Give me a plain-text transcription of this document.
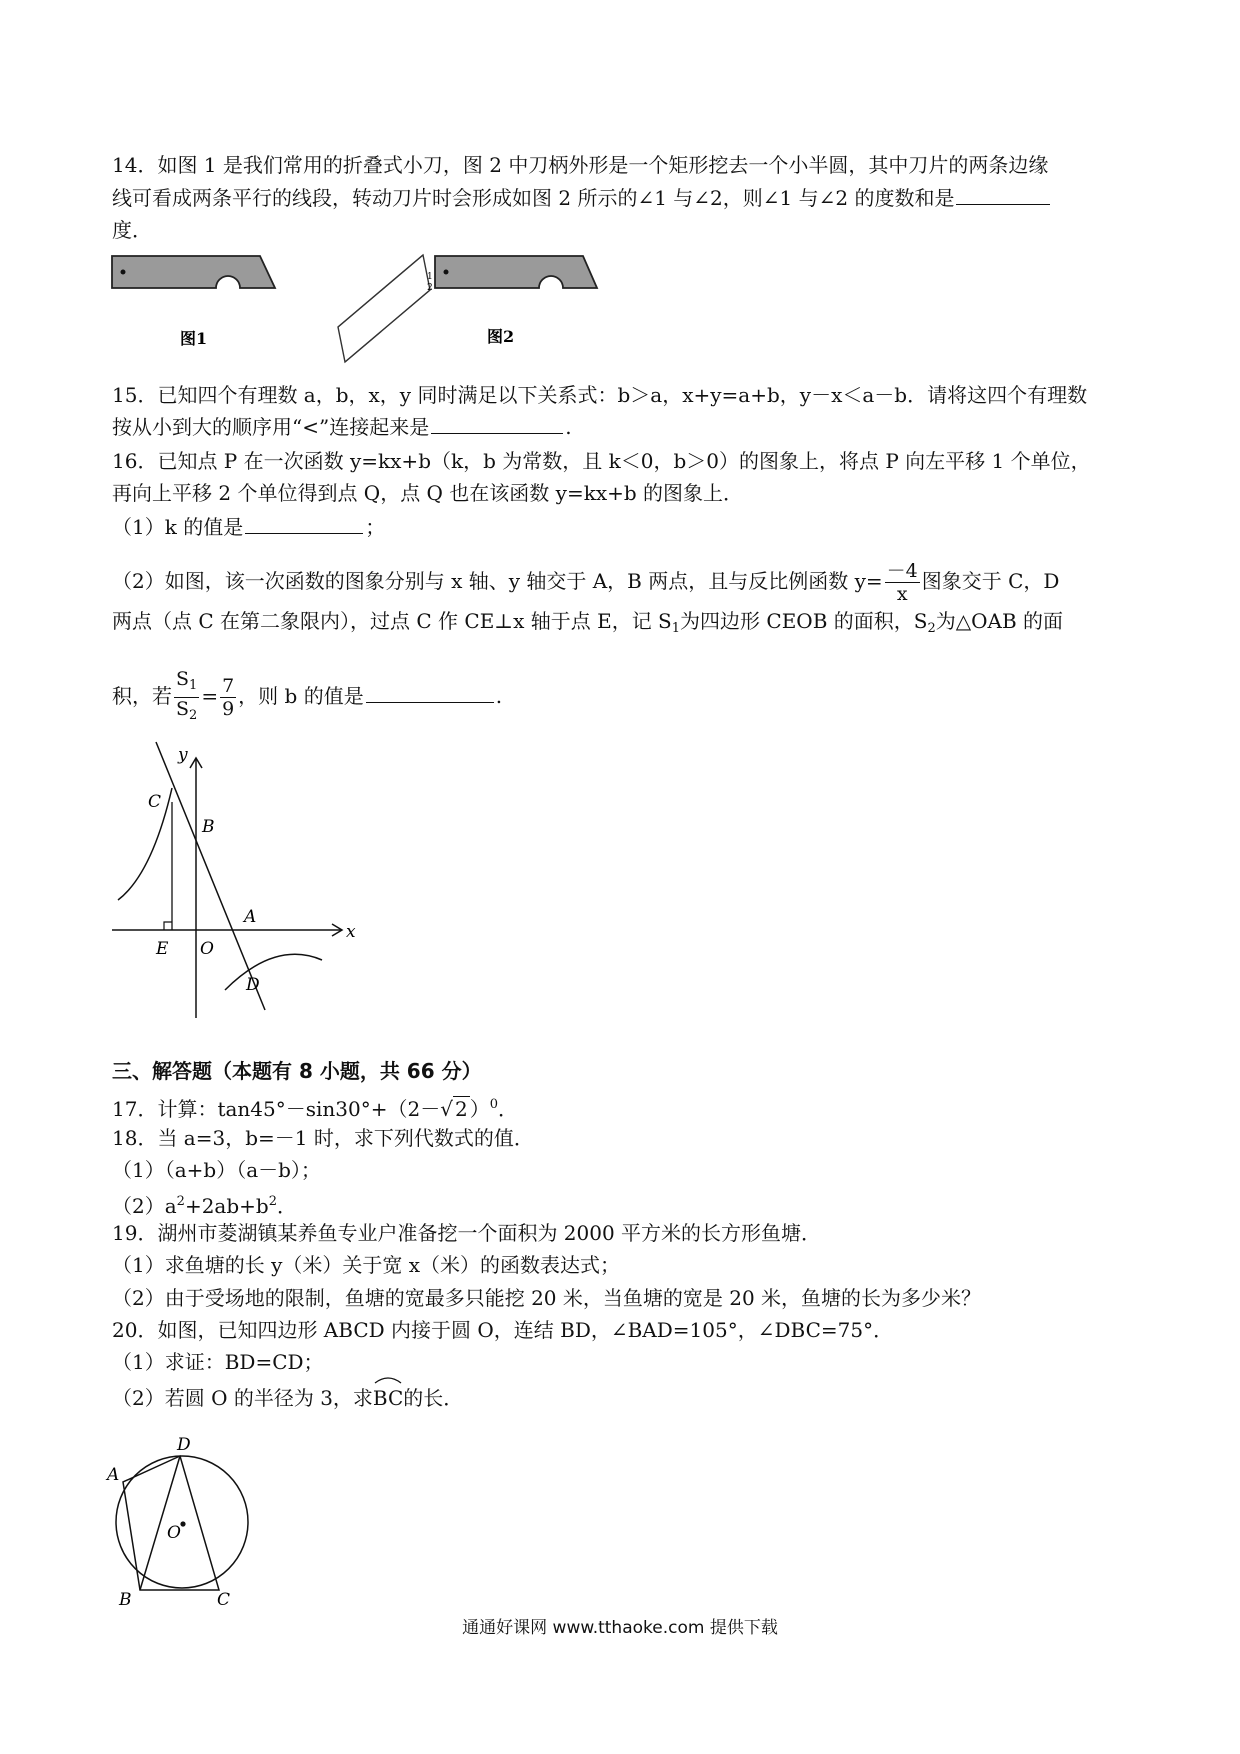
14．如图 1 是我们常用的折叠式小刀，图 2 中刀柄外形是一个矩形挖去一个小半圆，其中刀片的两条边缘
线可看成两条平行的线段，转动刀片时会形成如图 2 所示的∠1 与∠2，则∠1 与∠2 的度数和是
度．
图1
1
2
图2
15．已知四个有理数 a，b，x，y 同时满足以下关系式：b＞a，x+y=a+b，y－x＜a－b．请将这四个有理数
按从小到大的顺序用“<”连接起来是	.
16．已知点 P 在一次函数 y=kx+b（k，b 为常数，且 k＜0，b＞0）的图象上，将点 P 向左平移 1 个单位，
再向上平移 2 个单位得到点 Q，点 Q 也在该函数 y=kx+b 的图象上．
（1）k 的值是	；
（2）如图，该一次函数的图象分别与 x 轴、y 轴交于 A，B 两点，且与反比例函数 $y= \frac{-4}{x}$ 图象交于 C，D
两点（点 C 在第二象限内），过点 C 作 CE⊥x 轴于点 E，记 $S_1$为四边形 CEOB 的面积，$S_2$为△OAB 的面
积，若 $\frac{S_1}{S_2} = \frac{7}{9}$ ，则 b 的值是	.
y
x
C
B
A
E O
D
三、解答题（本题有 8 小题，共 66 分）
17．计算：tan45°－sin30°+（2－√ 2 ）$^0$．
18．当 a=3，b=－1 时，求下列代数式的值．
（1）（a+b）（a－b）；
$(2)a^2+2ab+b^2$．
19．湖州市菱湖镇某养鱼专业户准备挖一个面积为 2000 平方米的长方形鱼塘．
（1）求鱼塘的长 y（米）关于宽 x（米）的函数表达式；
（2）由于受场地的限制，鱼塘的宽最多只能挖 20 米，当鱼塘的宽是 20 米，鱼塘的长为多少米？
20．如图，已知四边形 ABCD 内接于圆 O，连结 BD，∠BAD=105°，∠DBC=75°．
（1）求证：BD=CD；
（2）若圆 O 的半径为 3，求
BC的长．
D
A
O
B	C
通通好课网 www.tthaoke.com 提供下载
